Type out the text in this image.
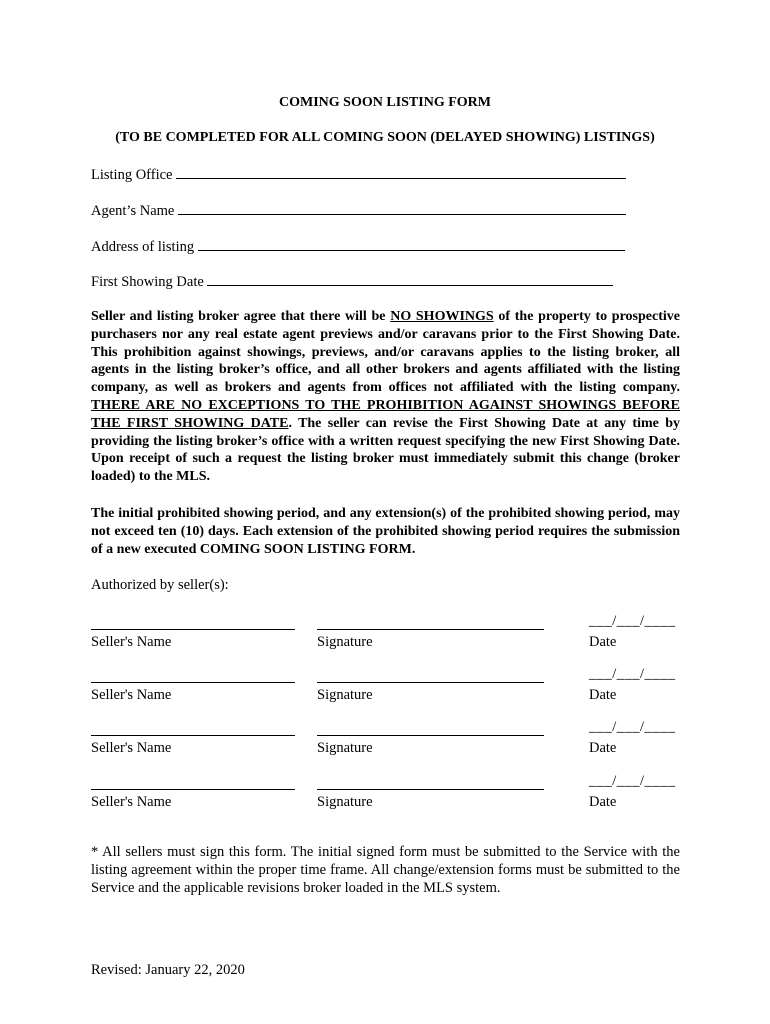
COMING SOON LISTING FORM

(TO BE COMPLETED FOR ALL COMING SOON (DELAYED SHOWING) LISTINGS)

Listing Office
Agent’s Name
Address of listing
First Showing Date

Seller and listing broker agree that there will be NO SHOWINGS of the property to prospective purchasers nor any real estate agent previews and/or caravans prior to the First Showing Date. This prohibition against showings, previews, and/or caravans applies to the listing broker, all agents in the listing broker’s office, and all other brokers and agents affiliated with the listing company, as well as brokers and agents from offices not affiliated with the listing company. THERE ARE NO EXCEPTIONS TO THE PROHIBITION AGAINST SHOWINGS BEFORE THE FIRST SHOWING DATE. The seller can revise the First Showing Date at any time by providing the listing broker’s office with a written request specifying the new First Showing Date. Upon receipt of such a request the listing broker must immediately submit this change (broker loaded) to the MLS.

The initial prohibited showing period, and any extension(s) of the prohibited showing period, may not exceed ten (10) days. Each extension of the prohibited showing period requires the submission of a new executed COMING SOON LISTING FORM.

Authorized by seller(s):

___/___/____
Seller's Name	Signature	Date
___/___/____
Seller's Name	Signature	Date
___/___/____
Seller's Name	Signature	Date
___/___/____
Seller's Name	Signature	Date

* All sellers must sign this form. The initial signed form must be submitted to the Service with the listing agreement within the proper time frame. All change/extension forms must be submitted to the Service and the applicable revisions broker loaded in the MLS system.

Revised: January 22, 2020
